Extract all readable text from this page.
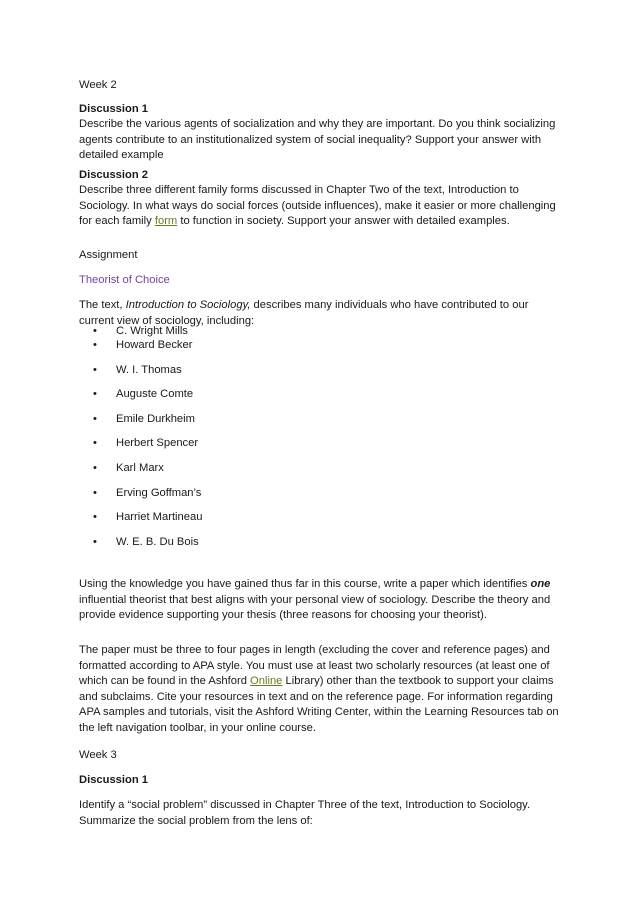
Week 2

Discussion 1

Describe the various agents of socialization and why they are important. Do you think socializing agents contribute to an institutionalized system of social inequality? Support your answer with detailed example

Discussion 2

Describe three different family forms discussed in Chapter Two of the text, Introduction to Sociology. In what ways do social forces (outside influences), make it easier or more challenging for each family form to function in society. Support your answer with detailed examples.

Assignment

Theorist of Choice

The text, Introduction to Sociology, describes many individuals who have contributed to our current view of sociology, including:

• C. Wright Mills
• Howard Becker
• W. I. Thomas
• Auguste Comte
• Emile Durkheim
• Herbert Spencer
• Karl Marx
• Erving Goffman’s
• Harriet Martineau
• W. E. B. Du Bois

Using the knowledge you have gained thus far in this course, write a paper which identifies one influential theorist that best aligns with your personal view of sociology. Describe the theory and provide evidence supporting your thesis (three reasons for choosing your theorist).

The paper must be three to four pages in length (excluding the cover and reference pages) and formatted according to APA style. You must use at least two scholarly resources (at least one of which can be found in the Ashford Online Library) other than the textbook to support your claims and subclaims. Cite your resources in text and on the reference page. For information regarding APA samples and tutorials, visit the Ashford Writing Center, within the Learning Resources tab on the left navigation toolbar, in your online course.

Week 3

Discussion 1

Identify a “social problem” discussed in Chapter Three of the text, Introduction to Sociology. Summarize the social problem from the lens of:
